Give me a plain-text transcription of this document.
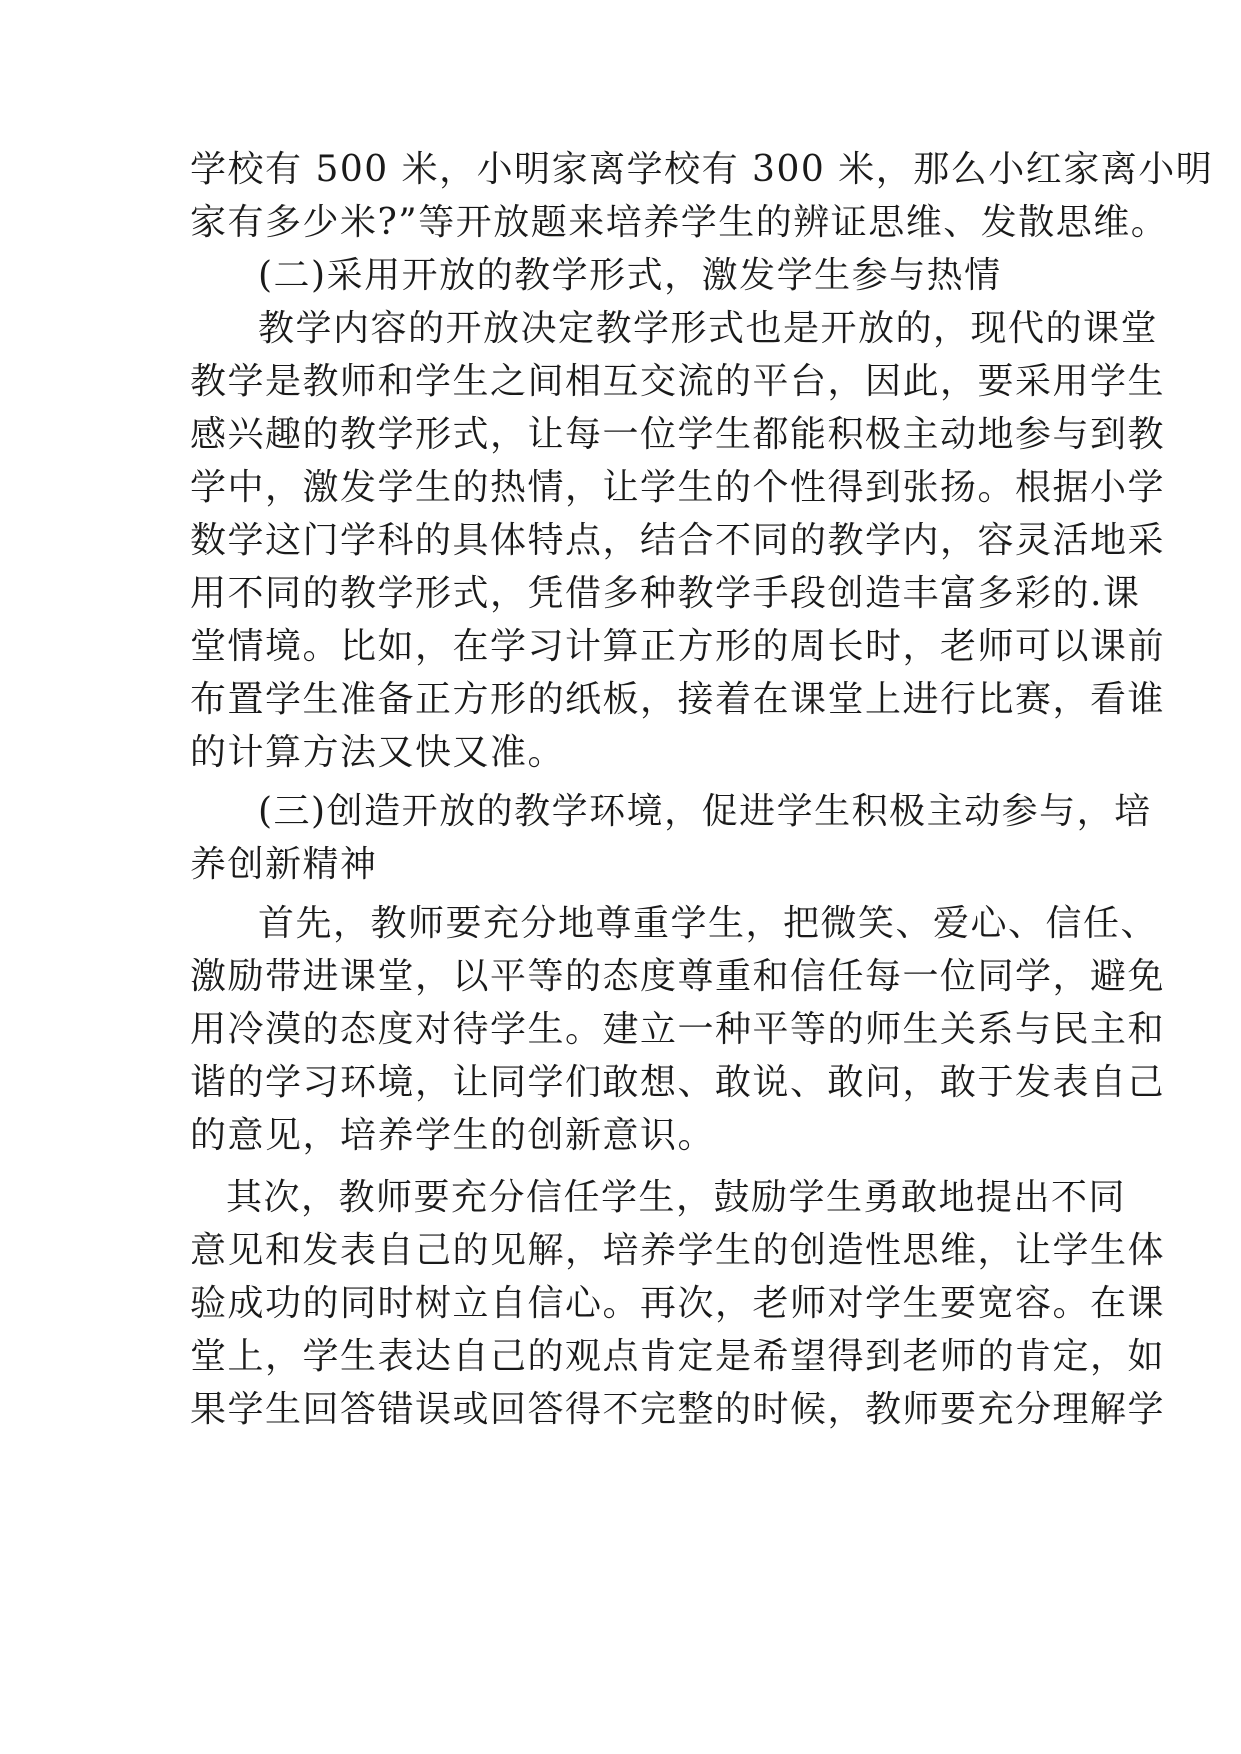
学校有 500 米，小明家离学校有 300 米，那么小红家离小明
家有多少米?”等开放题来培养学生的辨证思维、发散思维。
(二)采用开放的教学形式，激发学生参与热情
教学内容的开放决定教学形式也是开放的，现代的课堂
教学是教师和学生之间相互交流的平台，因此，要采用学生
感兴趣的教学形式，让每一位学生都能积极主动地参与到教
学中，激发学生的热情，让学生的个性得到张扬。根据小学
数学这门学科的具体特点，结合不同的教学内，容灵活地采
用不同的教学形式，凭借多种教学手段创造丰富多彩的.课
堂情境。比如，在学习计算正方形的周长时，老师可以课前
布置学生准备正方形的纸板，接着在课堂上进行比赛，看谁
的计算方法又快又准。
(三)创造开放的教学环境，促进学生积极主动参与，培
养创新精神
首先，教师要充分地尊重学生，把微笑、爱心、信任、
激励带进课堂，以平等的态度尊重和信任每一位同学，避免
用冷漠的态度对待学生。建立一种平等的师生关系与民主和
谐的学习环境，让同学们敢想、敢说、敢问，敢于发表自己
的意见，培养学生的创新意识。
其次，教师要充分信任学生，鼓励学生勇敢地提出不同
意见和发表自己的见解，培养学生的创造性思维，让学生体
验成功的同时树立自信心。再次，老师对学生要宽容。在课
堂上，学生表达自己的观点肯定是希望得到老师的肯定，如
果学生回答错误或回答得不完整的时候，教师要充分理解学
